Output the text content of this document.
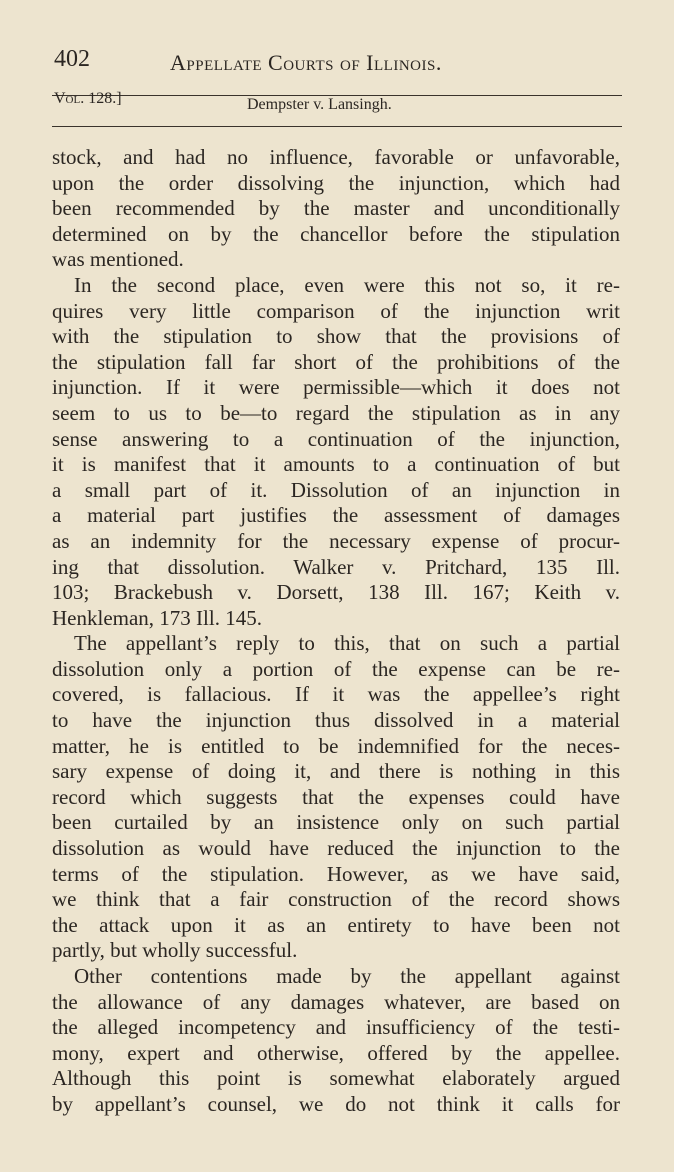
402	Appellate Courts of Illinois.
Vol. 128.]	Dempster v. Lansingh.
stock, and had no influence, favorable or unfavorable,
upon the order dissolving the injunction, which had
been recommended by the master and unconditionally
determined on by the chancellor before the stipulation
was mentioned.
In the second place, even were this not so, it re-
quires very little comparison of the injunction writ
with the stipulation to show that the provisions of
the stipulation fall far short of the prohibitions of the
injunction. If it were permissible—which it does not
seem to us to be—to regard the stipulation as in any
sense answering to a continuation of the injunction,
it is manifest that it amounts to a continuation of but
a small part of it. Dissolution of an injunction in
a material part justifies the assessment of damages
as an indemnity for the necessary expense of procur-
ing that dissolution. Walker v. Pritchard, 135 Ill.
103; Brackebush v. Dorsett, 138 Ill. 167; Keith v.
Henkleman, 173 Ill. 145.
The appellant’s reply to this, that on such a partial
dissolution only a portion of the expense can be re-
covered, is fallacious. If it was the appellee’s right
to have the injunction thus dissolved in a material
matter, he is entitled to be indemnified for the neces-
sary expense of doing it, and there is nothing in this
record which suggests that the expenses could have
been curtailed by an insistence only on such partial
dissolution as would have reduced the injunction to the
terms of the stipulation. However, as we have said,
we think that a fair construction of the record shows
the attack upon it as an entirety to have been not
partly, but wholly successful.
Other contentions made by the appellant against
the allowance of any damages whatever, are based on
the alleged incompetency and insufficiency of the testi-
mony, expert and otherwise, offered by the appellee.
Although this point is somewhat elaborately argued
by appellant’s counsel, we do not think it calls for
